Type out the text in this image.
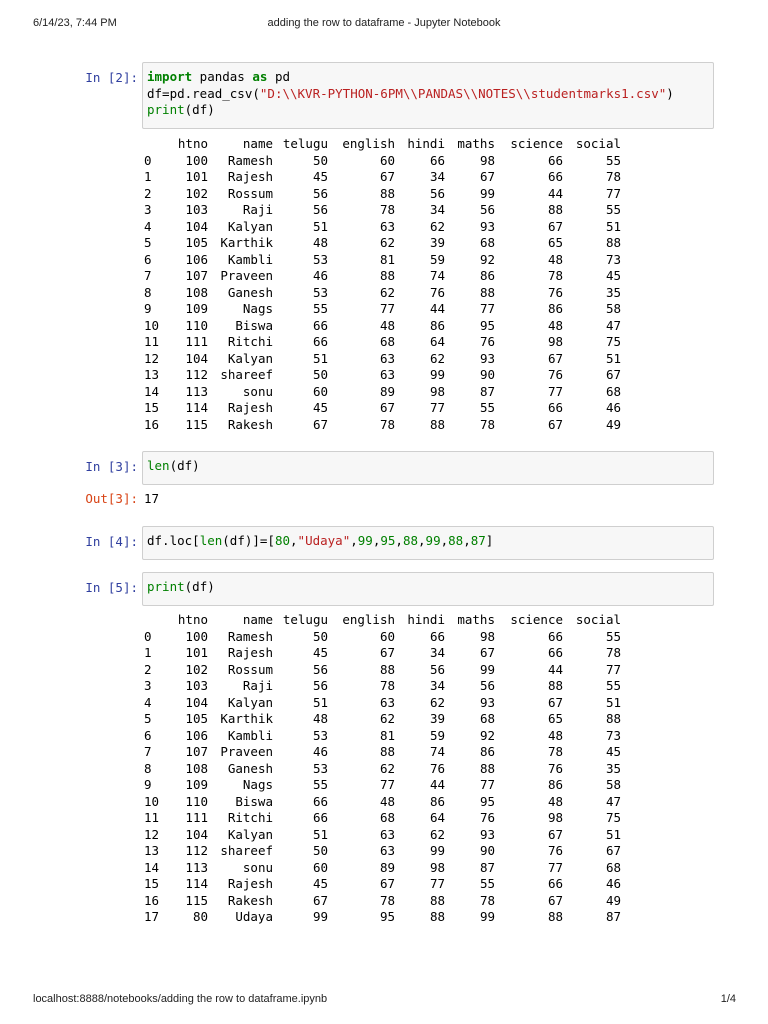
6/14/23, 7:44 PM	adding the row to dataframe - Jupyter Notebook
In [2]: import pandas as pd
df=pd.read_csv("D:\\KVR-PYTHON-6PM\\PANDAS\\NOTES\\studentmarks1.csv")
print(df)
	htno	name	telugu	english	hindi	maths	science	social
0	100	Ramesh	50	60	66	98	66	55
1	101	Rajesh	45	67	34	67	66	78
2	102	Rossum	56	88	56	99	44	77
3	103	Raji	56	78	34	56	88	55
4	104	Kalyan	51	63	62	93	67	51
5	105	Karthik	48	62	39	68	65	88
6	106	Kambli	53	81	59	92	48	73
7	107	Praveen	46	88	74	86	78	45
8	108	Ganesh	53	62	76	88	76	35
9	109	Nags	55	77	44	77	86	58
10	110	Biswa	66	48	86	95	48	47
11	111	Ritchi	66	68	64	76	98	75
12	104	Kalyan	51	63	62	93	67	51
13	112	shareef	50	63	99	90	76	67
14	113	sonu	60	89	98	87	77	68
15	114	Rajesh	45	67	77	55	66	46
16	115	Rakesh	67	78	88	78	67	49
In [3]: len(df)
Out[3]: 17
In [4]: df.loc[len(df)]=[80,"Udaya",99,95,88,99,88,87]
In [5]: print(df)
	htno	name	telugu	english	hindi	maths	science	social
0	100	Ramesh	50	60	66	98	66	55
1	101	Rajesh	45	67	34	67	66	78
2	102	Rossum	56	88	56	99	44	77
3	103	Raji	56	78	34	56	88	55
4	104	Kalyan	51	63	62	93	67	51
5	105	Karthik	48	62	39	68	65	88
6	106	Kambli	53	81	59	92	48	73
7	107	Praveen	46	88	74	86	78	45
8	108	Ganesh	53	62	76	88	76	35
9	109	Nags	55	77	44	77	86	58
10	110	Biswa	66	48	86	95	48	47
11	111	Ritchi	66	68	64	76	98	75
12	104	Kalyan	51	63	62	93	67	51
13	112	shareef	50	63	99	90	76	67
14	113	sonu	60	89	98	87	77	68
15	114	Rajesh	45	67	77	55	66	46
16	115	Rakesh	67	78	88	78	67	49
17	80	Udaya	99	95	88	99	88	87
localhost:8888/notebooks/adding the row to dataframe.ipynb	1/4
